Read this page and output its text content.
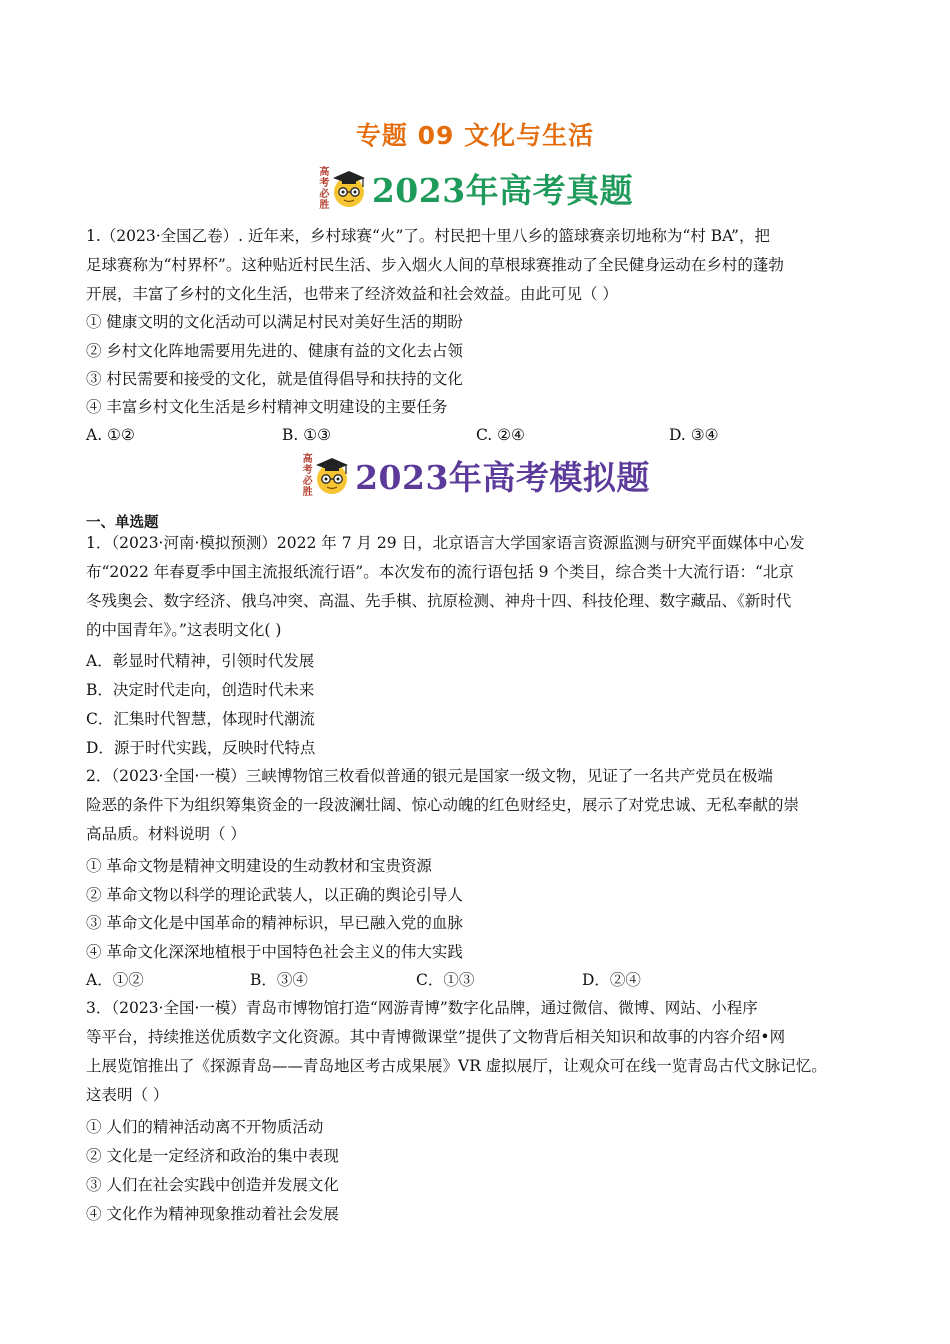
专题 09 文化与生活
高考必胜 2023年高考真题
1.（2023·全国乙卷）. 近年来，乡村球赛“火”了。村民把十里八乡的篮球赛亲切地称为“村 BA”，把
足球赛称为“村界杯”。这种贴近村民生活、步入烟火人间的草根球赛推动了全民健身运动在乡村的蓬勃
开展，丰富了乡村的文化生活，也带来了经济效益和社会效益。由此可见（ ）
① 健康文明的文化活动可以满足村民对美好生活的期盼
② 乡村文化阵地需要用先进的、健康有益的文化去占领
③ 村民需要和接受的文化，就是值得倡导和扶持的文化
④ 丰富乡村文化生活是乡村精神文明建设的主要任务
A. ①②	B. ①③	C. ②④	D. ③④
高考必胜 2023年高考模拟题
一、单选题
1．（2023·河南·模拟预测）2022 年 7 月 29 日，北京语言大学国家语言资源监测与研究平面媒体中心发
布“2022 年春夏季中国主流报纸流行语”。本次发布的流行语包括 9 个类目，综合类十大流行语：“北京
冬残奥会、数字经济、俄乌冲突、高温、先手棋、抗原检测、神舟十四、科技伦理、数字藏品、《新时代
的中国青年》。”这表明文化( )
A．彰显时代精神，引领时代发展
B．决定时代走向，创造时代未来
C．汇集时代智慧，体现时代潮流
D．源于时代实践，反映时代特点
2．（2023·全国·一模）三峡博物馆三枚看似普通的银元是国家一级文物，见证了一名共产党员在极端
险恶的条件下为组织筹集资金的一段波澜壮阔、惊心动魄的红色财经史，展示了对党忠诚、无私奉献的崇
高品质。材料说明（ ）
① 革命文物是精神文明建设的生动教材和宝贵资源
② 革命文物以科学的理论武装人，以正确的舆论引导人
③ 革命文化是中国革命的精神标识，早已融入党的血脉
④ 革命文化深深地植根于中国特色社会主义的伟大实践
A．①②	B．③④	C．①③	D．②④
3．（2023·全国·一模）青岛市博物馆打造“网游青博”数字化品牌，通过微信、微博、网站、小程序
等平台，持续推送优质数字文化资源。其中青博微课堂”提供了文物背后相关知识和故事的内容介绍•网
上展览馆推出了《探源青岛——青岛地区考古成果展》VR 虚拟展厅，让观众可在线一览青岛古代文脉记忆。
这表明（ ）
① 人们的精神活动离不开物质活动
② 文化是一定经济和政治的集中表现
③ 人们在社会实践中创造并发展文化
④ 文化作为精神现象推动着社会发展
